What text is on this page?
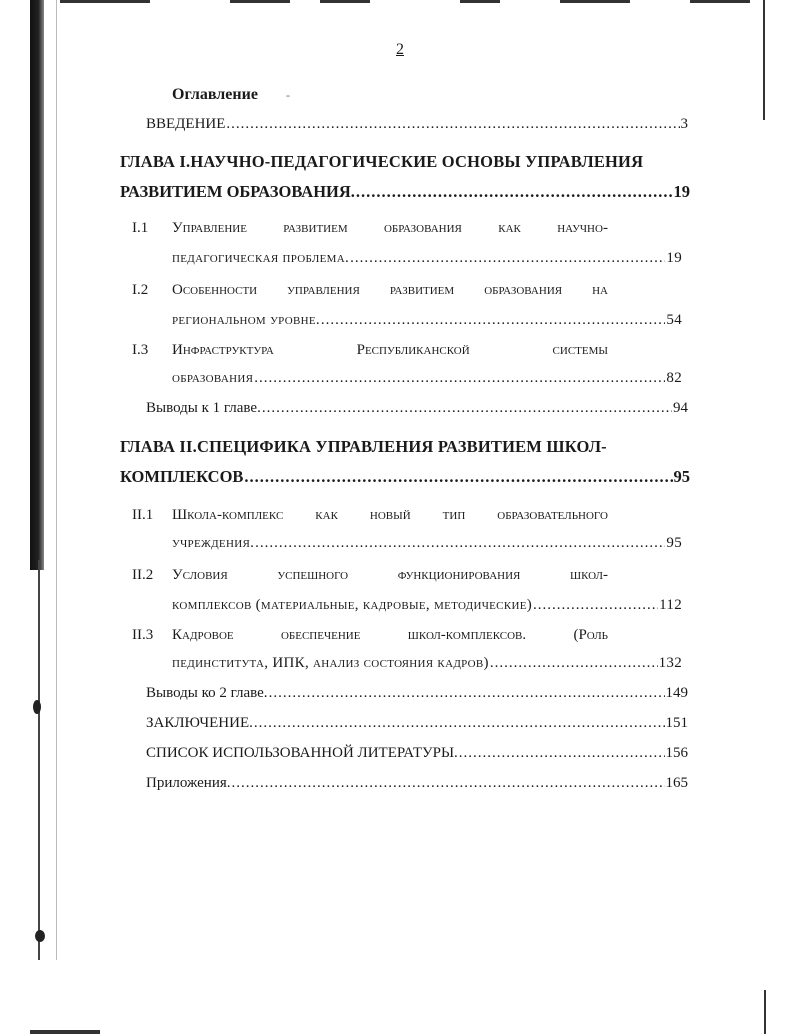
2
Оглавление -
ВВЕДЕНИЕ .....	3
ГЛАВА I.НАУЧНО-ПЕДАГОГИЧЕСКИЕ ОСНОВЫ УПРАВЛЕНИЯ
РАЗВИТИЕМ ОБРАЗОВАНИЯ. .....	19
I.1 Управление развитием образования как научно-
педагогическая проблема. .....	19
I.2 Особенности управления развитием образования на
региональном уровне. .....	54
I.3 Инфраструктура	Республиканской	системы
образования .....	82
Выводы к 1 главе. .....	94
ГЛАВА II.СПЕЦИФИКА УПРАВЛЕНИЯ РАЗВИТИЕМ ШКОЛ-
КОМПЛЕКСОВ .....	95
II.1 Школа-комплекс как новый тип образовательного
учреждения. .....	95
II.2 Условия	успешного	функционирования	школ-
комплексов (материальные, кадровые, методические) .....	112
II.3 Кадровое	обеспечение	школ-комплексов.	(Роль
пединститута, ИПК, анализ состояния кадров) .....	132
Выводы ко 2 главе. .....	149
ЗАКЛЮЧЕНИЕ. .....	151
СПИСОК ИСПОЛЬЗОВАННОЙ ЛИТЕРАТУРЫ. .....	156
Приложения. .....	165
